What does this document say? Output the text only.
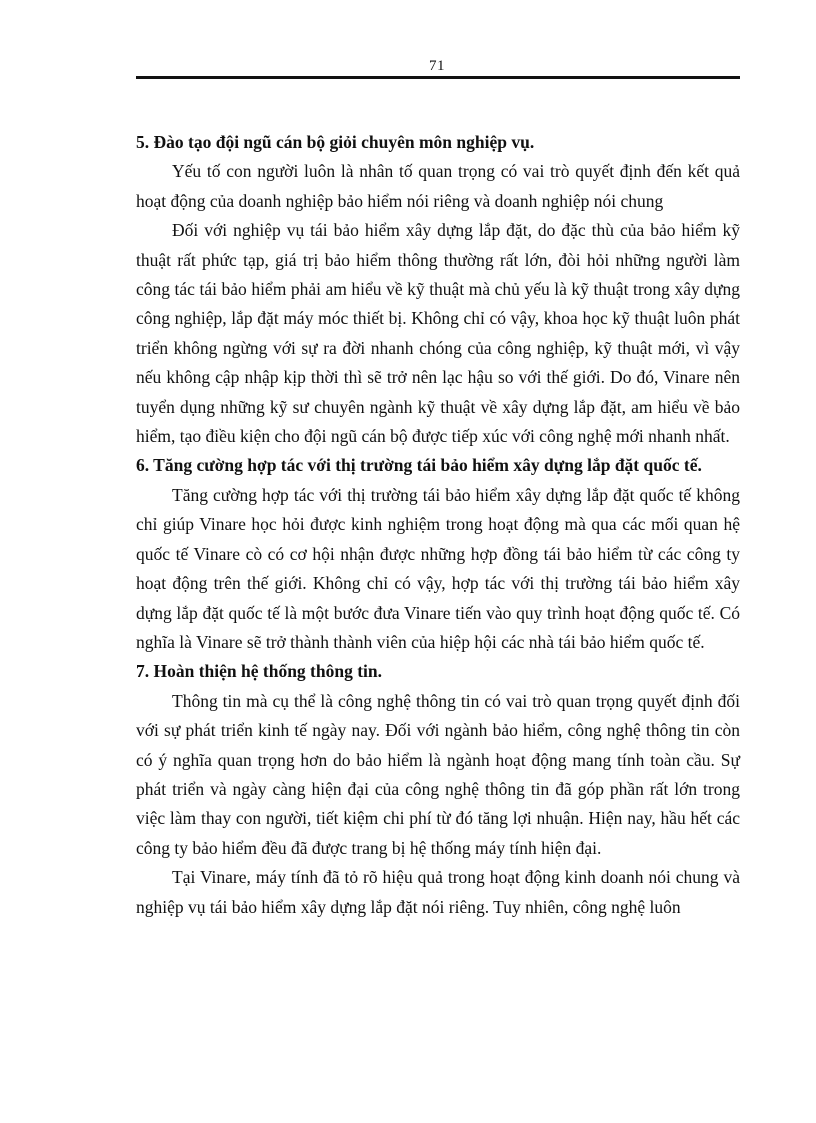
71
5. Đào tạo đội ngũ cán bộ giỏi chuyên môn nghiệp vụ.

Yếu tố con người luôn là nhân tố quan trọng có vai trò quyết định đến kết quả hoạt động của doanh nghiệp bảo hiểm nói riêng và doanh nghiệp nói chung

Đối với nghiệp vụ tái bảo hiểm xây dựng lắp đặt, do đặc thù của bảo hiểm kỹ thuật rất phức tạp, giá trị bảo hiểm thông thường rất lớn, đòi hỏi những người làm công tác tái bảo hiểm phải am hiểu về kỹ thuật mà chủ yếu là kỹ thuật trong xây dựng công nghiệp, lắp đặt máy móc thiết bị. Không chỉ có vậy, khoa học kỹ thuật luôn phát triển không ngừng với sự ra đời nhanh chóng của công nghiệp, kỹ thuật mới, vì vậy nếu không cập nhập kịp thời thì sẽ trở nên lạc hậu so với thế giới. Do đó, Vinare nên tuyển dụng những kỹ sư chuyên ngành kỹ thuật về xây dựng lắp đặt, am hiểu về bảo hiểm, tạo điều kiện cho đội ngũ cán bộ được tiếp xúc với công nghệ mới nhanh nhất.

6. Tăng cường hợp tác với thị trường tái bảo hiểm xây dựng lắp đặt quốc tế.

Tăng cường hợp tác với thị trường tái bảo hiểm xây dựng lắp đặt quốc tế không chỉ giúp Vinare học hỏi được kinh nghiệm trong hoạt động mà qua các mối quan hệ quốc tế Vinare cò có cơ hội nhận được những hợp đồng tái bảo hiểm từ các công ty hoạt động trên thế giới. Không chỉ có vậy, hợp tác với thị trường tái bảo hiểm xây dựng lắp đặt quốc tế là một bước đưa Vinare tiến vào quy trình hoạt động quốc tế. Có nghĩa là Vinare sẽ trở thành thành viên của hiệp hội các nhà tái bảo hiểm quốc tế.

7. Hoàn thiện hệ thống thông tin.

Thông tin mà cụ thể là công nghệ thông tin có vai trò quan trọng quyết định đối với sự phát triển kinh tế ngày nay. Đối với ngành bảo hiểm, công nghệ thông tin còn có ý nghĩa quan trọng hơn do bảo hiểm là ngành hoạt động mang tính toàn cầu. Sự phát triển và ngày càng hiện đại của công nghệ thông tin đã góp phần rất lớn trong việc làm thay con người, tiết kiệm chi phí từ đó tăng lợi nhuận. Hiện nay, hầu hết các công ty bảo hiểm đều đã được trang bị hệ thống máy tính hiện đại.

Tại Vinare, máy tính đã tỏ rõ hiệu quả trong hoạt động kinh doanh nói chung và nghiệp vụ tái bảo hiểm xây dựng lắp đặt nói riêng. Tuy nhiên, công nghệ luôn
